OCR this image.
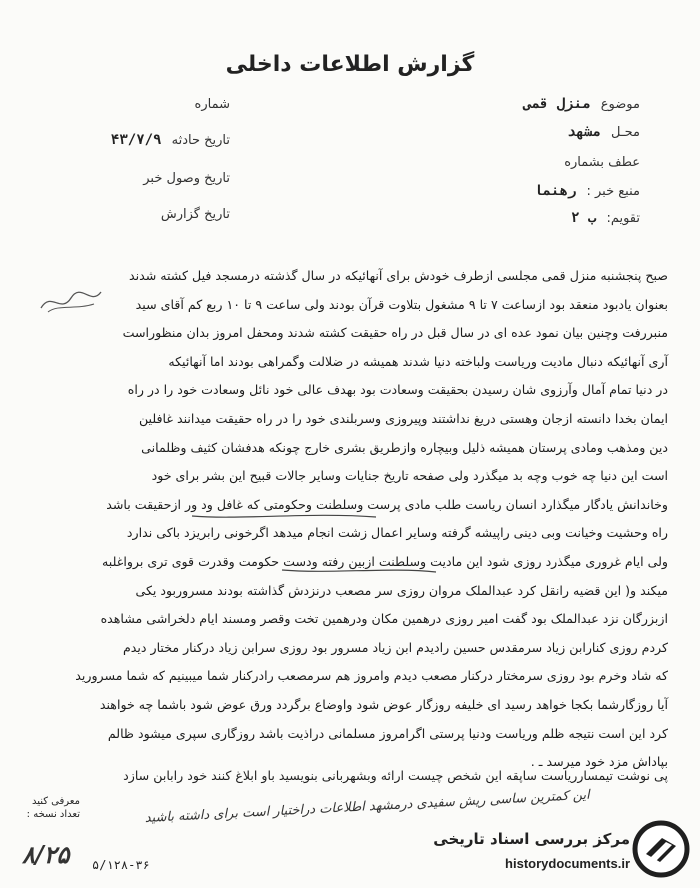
گزارش اطلاعات داخلی
موضوع منزل قمی
محـل مشهد
عطف بشماره
منبع خبر : رهنما
تقویم: ب ۲
شماره
تاریخ حادثه ۴۳/۷/۹
تاریخ وصول خبر
تاریخ گزارش

صبح پنجشنبه منزل قمی مجلسی ازطرف خودش برای آنهائیکه در سال گذشته درمسجد فیل کشته شدند

بعنوان یادبود منعقد بود ازساعت ۷ تا ۹ مشغول بتلاوت قرآن بودند ولی ساعت ۹ تا ۱۰ ربع کم آقای سید

منبررفت وچنین بیان نمود عده ای در سال قبل در راه حقیقت کشته شدند ومحفل امروز بدان منظوراست

آری آنهائیکه دنبال مادیت وریاست ولباخته دنیا شدند همیشه در ضلالت وگمراهی بودند اما آنهائیکه

در دنیا تمام آمال وآرزوی شان رسیدن بحقیقت وسعادت بود بهدف عالی خود نائل وسعادت خود را در راه

ایمان بخدا دانسته ازجان وهستی دریغ نداشتند وپیروزی وسربلندی خود را در راه حقیقت میدانند غافلین

دین ومذهب ومادی پرستان همیشه ذلیل وبیچاره وازطریق بشری خارج چونکه هدفشان کثیف وظلمانی

است این دنیا چه خوب وچه بد میگذرد ولی صفحه تاریخ جنایات وسایر جالات قبیح این بشر برای خود

وخاندانش یادگار میگذارد انسان ریاست طلب مادی پرست وسلطنت وحکومتی که غافل ود ور ازحقیقت باشد

راه وحشیت وخیانت وبی دینی راپیشه گرفته وسایر اعمال زشت انجام میدهد اگرخونی رابریزد باکی ندارد

ولی ایام غروری میگذرد روزی شود این مادیت وسلطنت ازبین رفته ودست حکومت وقدرت قوی تری برواغلبه

میکند و( این قضیه رانقل کرد عبدالملک مروان روزی سر مصعب درنزدش گذاشته بودند مسروربود یکی

ازبزرگان نزد عبدالملک بود گفت امیر روزی درهمین مکان ودرهمین تخت وقصر ومسند ایام دلخراشی مشاهده

کردم روزی کنارابن زیاد سرمقدس حسین رادیدم ابن زیاد مسرور بود روزی سرابن زیاد درکنار مختار دیدم

که شاد وخرم بود روزی سرمختار درکنار مصعب دیدم وامروز هم سرمصعب رادرکنار شما میبینیم که شما مسرورید

آیا روزگارشما بکجا خواهد رسید ای خلیفه روزگار عوض شود واوضاع برگردد ورق عوض شود باشما چه خواهند

کرد این است نتیجه ظلم وریاست ودنیا پرستی اگرامروز مسلمانی دراذیت باشد روزگاری سپری میشود ظالم

بپاداش مزد خود میرسد ـ .

پی نوشت تیمسارریاست ساپقه این شخص چیست ارائه وبشهربانی بنویسید باو ابلاغ کنند خود رابابن سازد
معرفی کنید
تعداد نسخه :	این کمترین ساسی ریش سفیدی درمشهد اطلاعات دراختیار است برای داشته باشید
۸/۲۵ ۵/۱۲۸-۳۶
مرکز بررسی اسناد تاریخی
historydocuments.ir
